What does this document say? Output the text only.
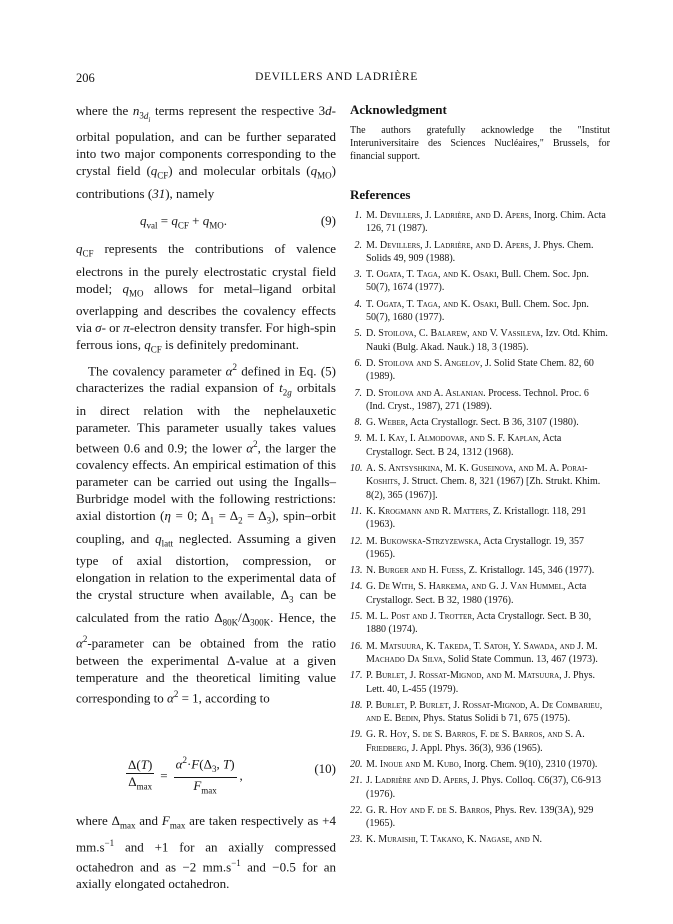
206	DEVILLERS AND LADRIÈRE

where the $n_{3d_i}$ terms represent the respective 3d-orbital population, and can be further separated into two major components corresponding to the crystal field $(q_{CF})$ and molecular orbitals $(q_{MO})$ contributions (31), namely

$q_{val} = q_{CF} + q_{MO}$.	(9)

$q_{CF}$ represents the contributions of valence electrons in the purely electrostatic crystal field model; $q_{MO}$ allows for metal–ligand orbital overlapping and describes the covalency effects via σ- or π-electron density transfer. For high-spin ferrous ions, $q_{CF}$ is definitely predominant.

The covalency parameter $\alpha^2$ defined in Eq. (5) characterizes the radial expansion of $t_{2g}$ orbitals in direct relation with the nephelauxetic parameter. This parameter usually takes values between 0.6 and 0.9; the lower $\alpha^2$, the larger the covalency effects. An empirical estimation of this parameter can be carried out using the Ingalls–Burbridge model with the following restrictions: axial distortion (η = 0; $\Delta_1 = \Delta_2 = \Delta_3$), spin–orbit coupling, and $q_{latt}$ neglected. Assuming a given type of axial distortion, compression, or elongation in relation to the experimental data of the crystal structure when available, $\Delta_3$ can be calculated from the ratio $\Delta_{80K}/\Delta_{300K}$. Hence, the $\alpha^2$-parameter can be obtained from the ratio between the experimental Δ-value at a given temperature and the theoretical limiting value corresponding to $\alpha^2 = 1$, according to

Δ(T)
$\Delta_{max}$
=
$\alpha^2\cdot F(\Delta_3$, T)
$F_{max}$
,	(10)

where $\Delta_{max}$ and $F_{max}$ are taken respectively as +4 $mm.s^{-1}$ and +1 for an axially compressed octahedron and as −2 $mm.s^{-1}$ and −0.5 for an axially elongated octahedron.

Acknowledgment

The authors gratefully acknowledge the "Institut Interuniversitaire des Sciences Nucléaires," Brussels, for financial support.

References
1. M. Devillers, J. Ladrière, and D. Apers, Inorg. Chim. Acta 126, 71 (1987).
2. M. Devillers, J. Ladrière, and D. Apers, J. Phys. Chem. Solids 49, 909 (1988).
3. T. Ogata, T. Taga, and K. Osaki, Bull. Chem. Soc. Jpn. 50(7), 1674 (1977).
4. T. Ogata, T. Taga, and K. Osaki, Bull. Chem. Soc. Jpn. 50(7), 1680 (1977).
5. D. Stoilova, C. Balarew, and V. Vassileva, Izv. Otd. Khim. Nauki (Bulg. Akad. Nauk.) 18, 3 (1985).
6. D. Stoilova and S. Angelov, J. Solid State Chem. 82, 60 (1989).
7. D. Stoilova and A. Aslanian. Process. Technol. Proc. 6 (Ind. Cryst., 1987), 271 (1989).
8. G. Weber, Acta Crystallogr. Sect. B 36, 3107 (1980).
9. M. I. Kay, I. Almodovar, and S. F. Kaplan, Acta Crystallogr. Sect. B 24, 1312 (1968).
10. A. S. Antsyshkina, M. K. Guseinova, and M. A. Porai-Koshits, J. Struct. Chem. 8, 321 (1967) [Zh. Strukt. Khim. 8(2), 365 (1967)].
11. K. Krogmann and R. Matters, Z. Kristallogr. 118, 291 (1963).
12. M. Bukowska-Strzyzewska, Acta Crystallogr. 19, 357 (1965).
13. N. Burger and H. Fuess, Z. Kristallogr. 145, 346 (1977).
14. G. De With, S. Harkema, and G. J. Van Hummel, Acta Crystallogr. Sect. B 32, 1980 (1976).
15. M. L. Post and J. Trotter, Acta Crystallogr. Sect. B 30, 1880 (1974).
16. M. Matsuura, K. Takeda, T. Satoh, Y. Sawada, and J. M. Machado Da Silva, Solid State Commun. 13, 467 (1973).
17. P. Burlet, J. Rossat-Mignod, and M. Matsuura, J. Phys. Lett. 40, L-455 (1979).
18. P. Burlet, P. Burlet, J. Rossat-Mignod, A. De Combarieu, and E. Bedin, Phys. Status Solidi b 71, 675 (1975).
19. G. R. Hoy, S. de S. Barros, F. de S. Barros, and S. A. Friedberg, J. Appl. Phys. 36(3), 936 (1965).
20. M. Inoue and M. Kubo, Inorg. Chem. 9(10), 2310 (1970).
21. J. Ladrière and D. Apers, J. Phys. Colloq. C6(37), C6-913 (1976).
22. G. R. Hoy and F. de S. Barros, Phys. Rev. 139(3A), 929 (1965).
23. K. Muraishi, T. Takano, K. Nagase, and N.
